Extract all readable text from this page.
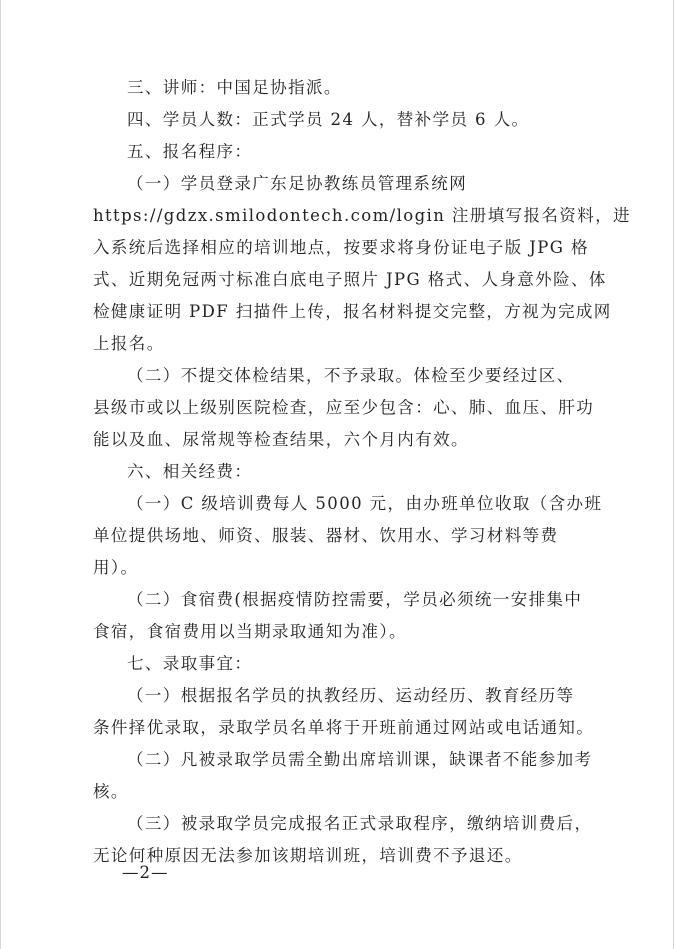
三、讲师：中国足协指派。
四、学员人数：正式学员 24 人，替补学员 6 人。
五、报名程序：
（一）学员登录广东足协教练员管理系统网
https://gdzx.smilodontech.com/login 注册填写报名资料，进
入系统后选择相应的培训地点，按要求将身份证电子版 JPG 格
式、近期免冠两寸标准白底电子照片 JPG 格式、人身意外险、体
检健康证明 PDF 扫描件上传，报名材料提交完整，方视为完成网
上报名。
（二）不提交体检结果，不予录取。体检至少要经过区、
县级市或以上级别医院检查，应至少包含：心、肺、血压、肝功
能以及血、尿常规等检查结果，六个月内有效。
六、相关经费：
（一）C 级培训费每人 5000 元，由办班单位收取（含办班
单位提供场地、师资、服装、器材、饮用水、学习材料等费
用）。
（二）食宿费(根据疫情防控需要，学员必须统一安排集中
食宿，食宿费用以当期录取通知为准）。
七、录取事宜：
（一）根据报名学员的执教经历、运动经历、教育经历等
条件择优录取，录取学员名单将于开班前通过网站或电话通知。
（二）凡被录取学员需全勤出席培训课，缺课者不能参加考
核。
（三）被录取学员完成报名正式录取程序，缴纳培训费后，
无论何种原因无法参加该期培训班，培训费不予退还。
—2—
